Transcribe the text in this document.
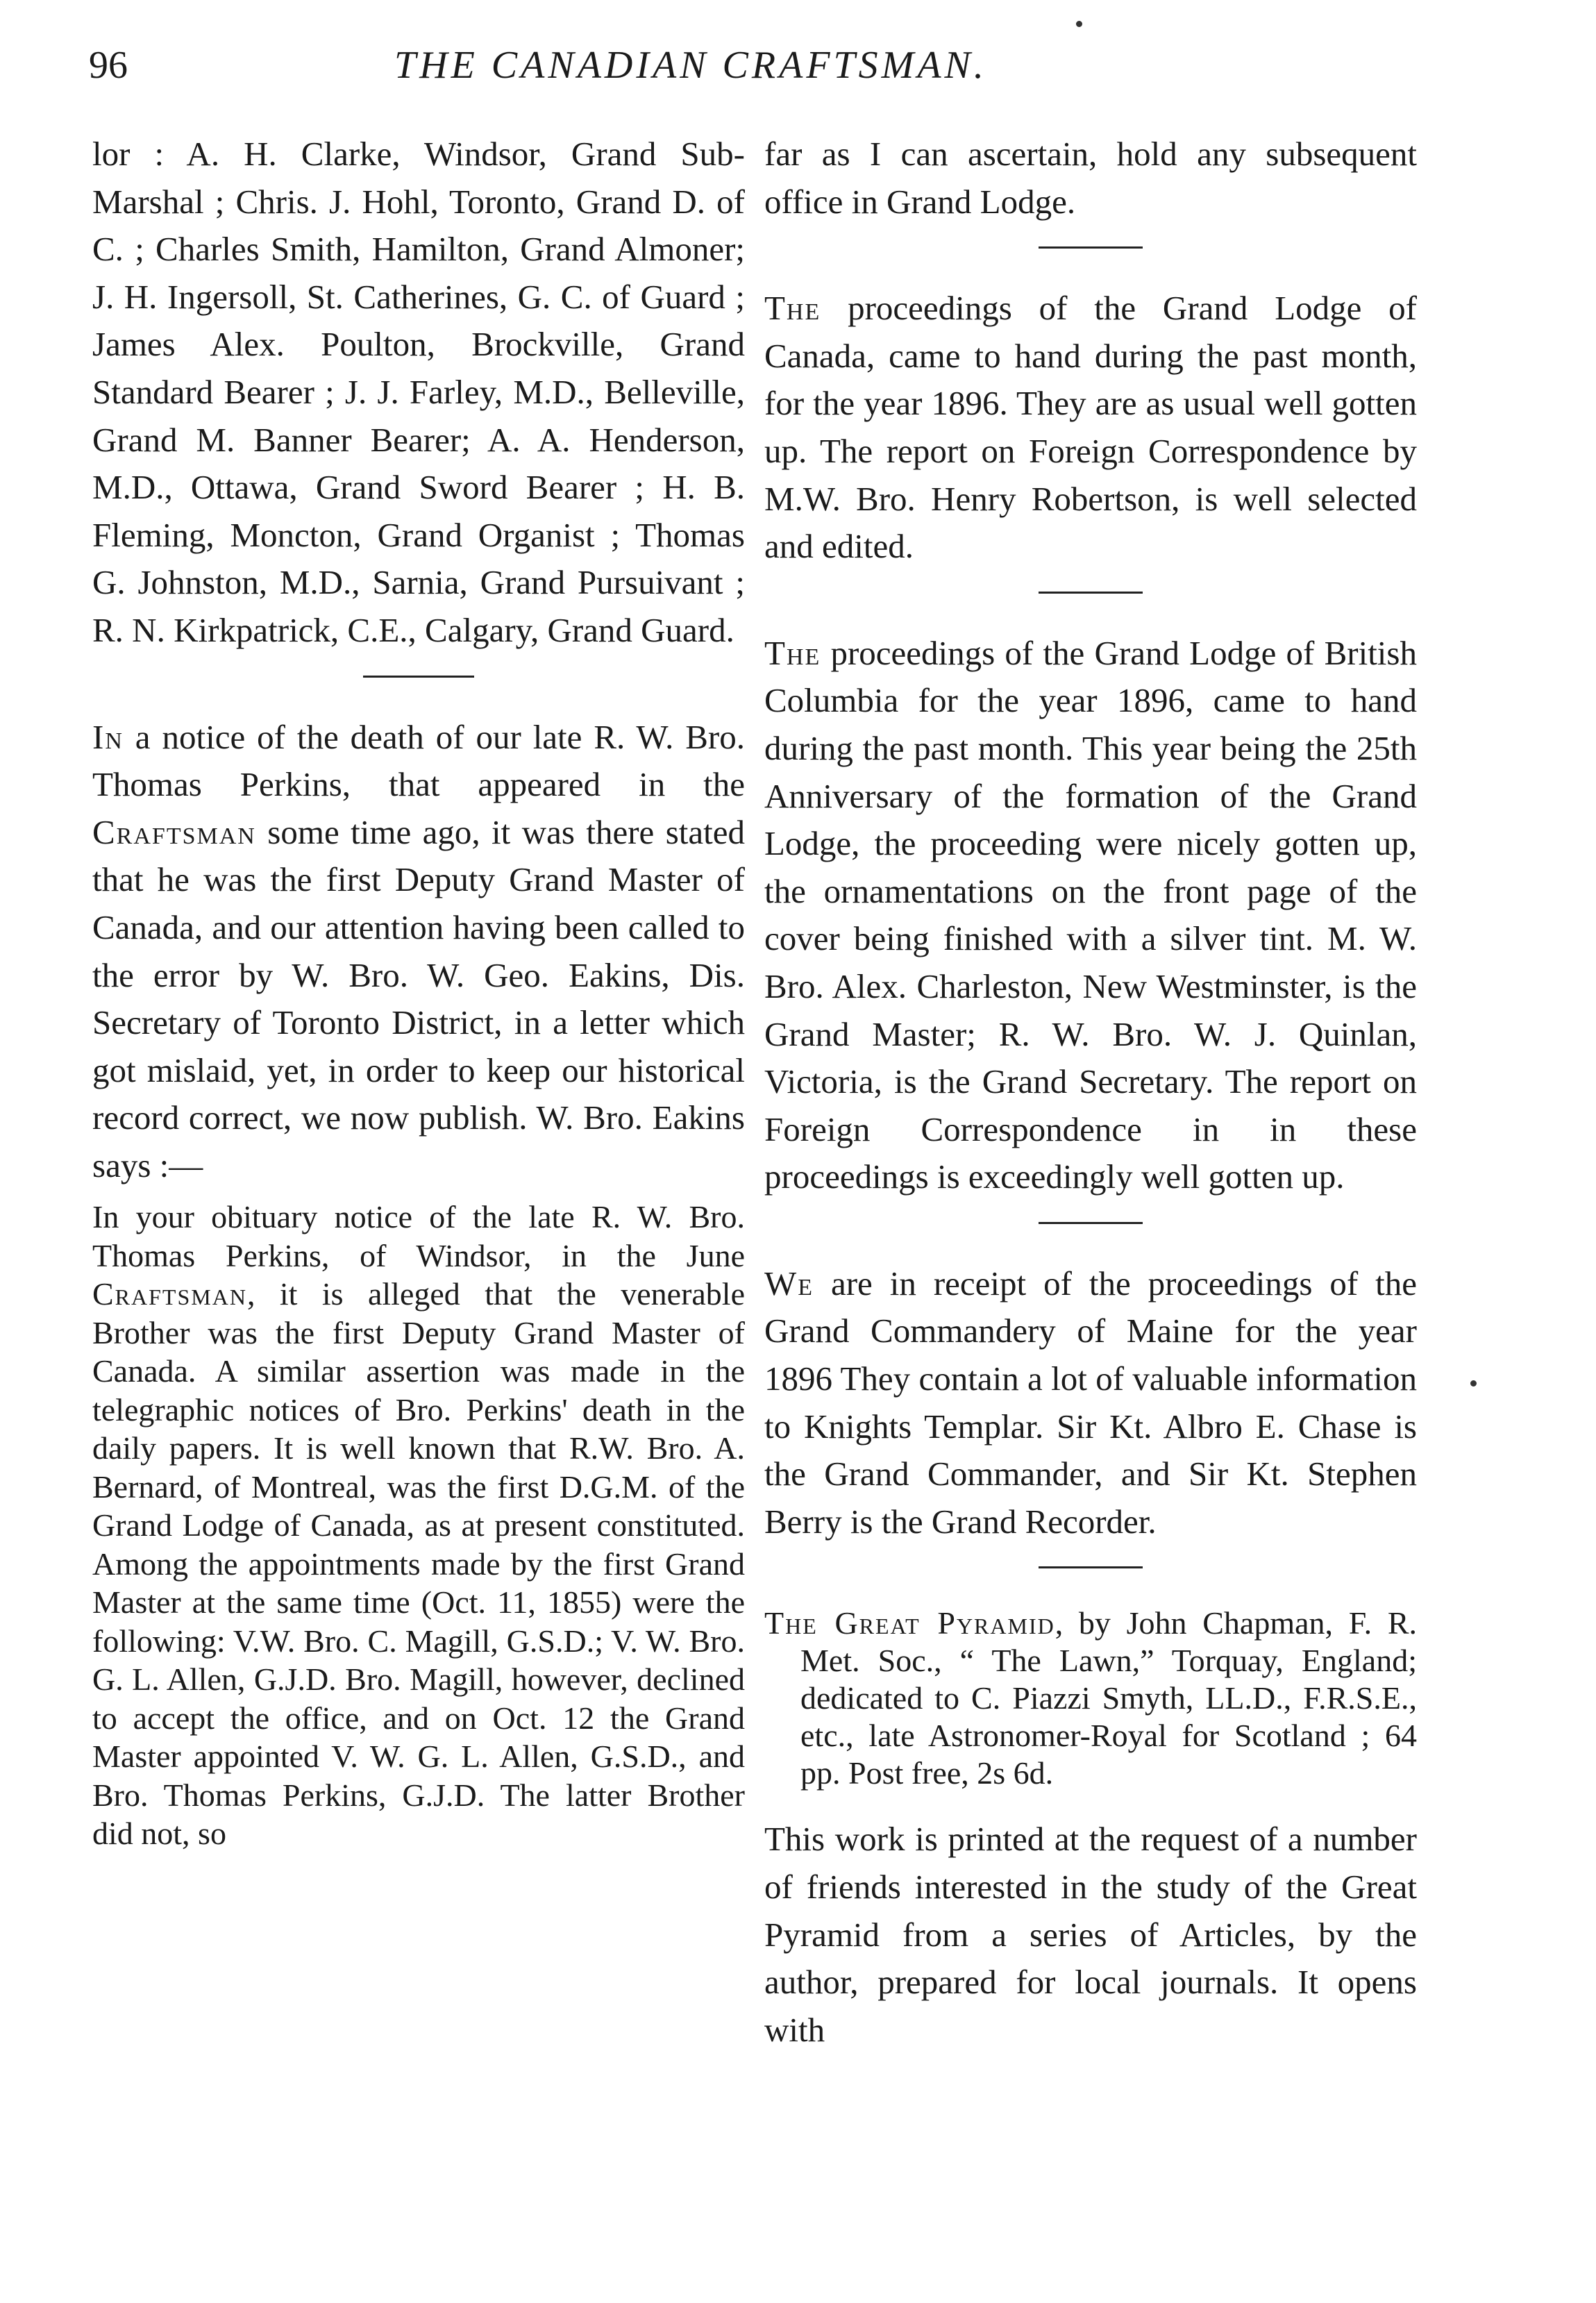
96	THE CANADIAN CRAFTSMAN.

lor : A. H. Clarke, Windsor, Grand Sub-Marshal ; Chris. J. Hohl, Toronto, Grand D. of C. ; Charles Smith, Hamilton, Grand Almoner; J. H. Ingersoll, St. Catherines, G. C. of Guard ; James Alex. Poulton, Brockville, Grand Standard Bearer ; J. J. Farley, M.D., Belleville, Grand M. Banner Bearer; A. A. Henderson, M.D., Ottawa, Grand Sword Bearer ; H. B. Fleming, Moncton, Grand Organist ; Thomas G. Johnston, M.D., Sarnia, Grand Pursuivant ; R. N. Kirkpatrick, C.E., Calgary, Grand Guard.

In a notice of the death of our late R. W. Bro. Thomas Perkins, that appeared in the Craftsman some time ago, it was there stated that he was the first Deputy Grand Master of Canada, and our attention having been called to the error by W. Bro. W. Geo. Eakins, Dis. Secretary of Toronto District, in a letter which got mislaid, yet, in order to keep our historical record correct, we now publish. W. Bro. Eakins says :—

In your obituary notice of the late R. W. Bro. Thomas Perkins, of Windsor, in the June Craftsman, it is alleged that the venerable Brother was the first Deputy Grand Master of Canada. A similar assertion was made in the telegraphic notices of Bro. Perkins' death in the daily papers. It is well known that R.W. Bro. A. Bernard, of Montreal, was the first D.G.M. of the Grand Lodge of Canada, as at present constituted. Among the appointments made by the first Grand Master at the same time (Oct. 11, 1855) were the following: V.W. Bro. C. Magill, G.S.D.; V. W. Bro. G. L. Allen, G.J.D. Bro. Magill, however, declined to accept the office, and on Oct. 12 the Grand Master appointed V. W. G. L. Allen, G.S.D., and Bro. Thomas Perkins, G.J.D. The latter Brother did not, so

far as I can ascertain, hold any subsequent office in Grand Lodge.

The proceedings of the Grand Lodge of Canada, came to hand during the past month, for the year 1896. They are as usual well gotten up. The report on Foreign Correspondence by M.W. Bro. Henry Robertson, is well selected and edited.

The proceedings of the Grand Lodge of British Columbia for the year 1896, came to hand during the past month. This year being the 25th Anniversary of the formation of the Grand Lodge, the proceeding were nicely gotten up, the ornamentations on the front page of the cover being finished with a silver tint. M. W. Bro. Alex. Charleston, New Westminster, is the Grand Master; R. W. Bro. W. J. Quinlan, Victoria, is the Grand Secretary. The report on Foreign Correspondence in in these proceedings is exceedingly well gotten up.

We are in receipt of the proceedings of the Grand Commandery of Maine for the year 1896 They contain a lot of valuable information to Knights Templar. Sir Kt. Albro E. Chase is the Grand Commander, and Sir Kt. Stephen Berry is the Grand Recorder.

The Great Pyramid, by John Chapman, F. R. Met. Soc., “ The Lawn,” Torquay, England; dedicated to C. Piazzi Smyth, LL.D., F.R.S.E., etc., late Astronomer-Royal for Scotland ; 64 pp. Post free, 2s 6d.

This work is printed at the request of a number of friends interested in the study of the Great Pyramid from a series of Articles, by the author, prepared for local journals. It opens with
